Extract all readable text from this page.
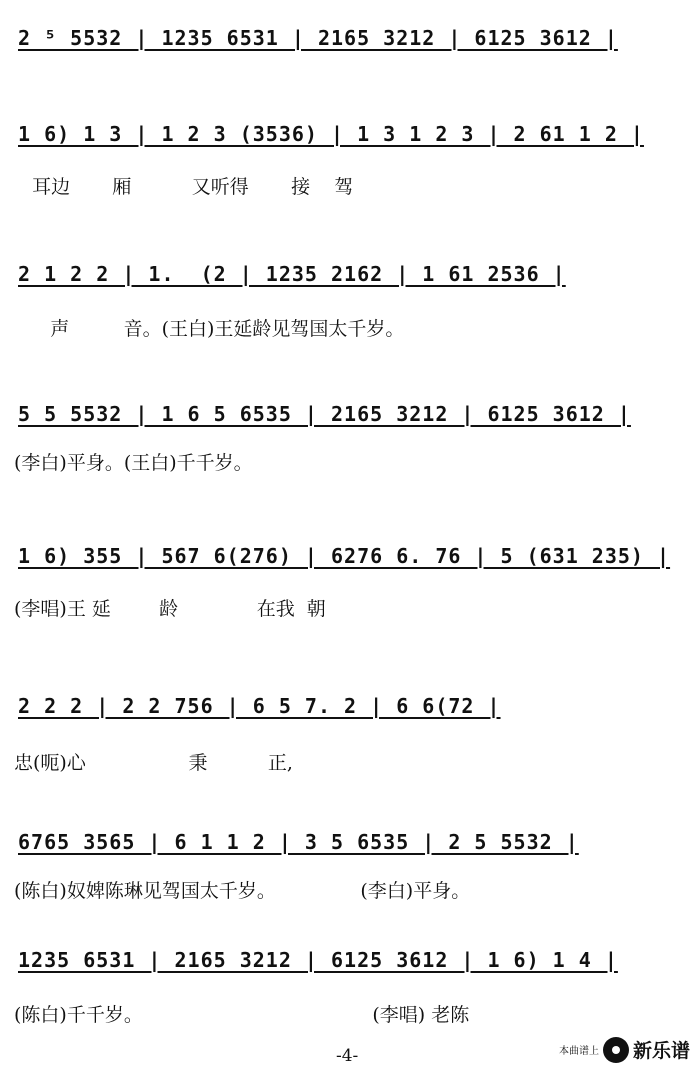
2 ⁵ 5532 | 1235 6531 | 2165 3212 | 6125 3612 |
1 6) 1 3 | 1 2 3 (3536) | 1 3 1 2 3 | 2 61 1 2 |
耳边       厢          又听得       接    驾
2 1 2 2 | 1.  (2 | 1235 2162 | 1 61 2536 |
声         音。(王白)王延龄见驾国太千岁。
5 5 5532 | 1 6 5 6535 | 2165 3212 | 6125 3612 |
(李白)平身。(王白)千千岁。
1 6) 355 | 567 6(276) | 6276 6. 76 | 5 (631 235) |
(李唱)王 延        龄             在我  朝
2 2 2 | 2 2 756 | 6 5 7. 2 | 6 6(72 |
忠(呃)心                 秉          正,
6765 3565 | 6 1 1 2 | 3 5 6535 | 2 5 5532 |
(陈白)奴婢陈琳见驾国太千岁。              (李白)平身。
1235 6531 | 2165 3212 | 6125 3612 | 1 6) 1 4 |
(陈白)千千岁。                                      (李唱) 老陈
-4-	本曲谱上 新乐谱
